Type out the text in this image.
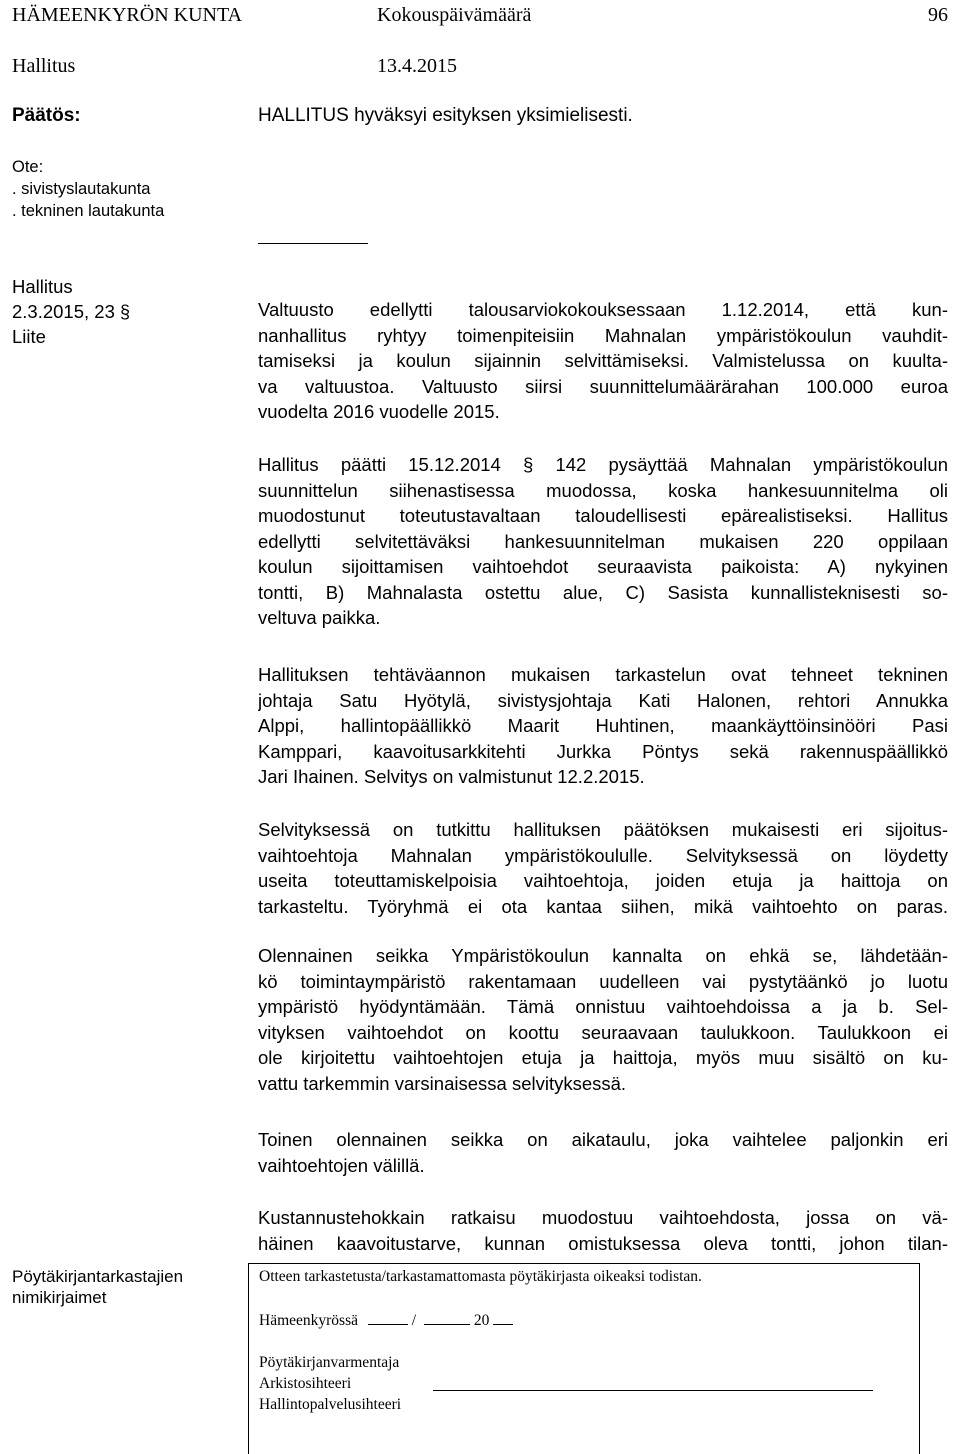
HÄMEENKYRÖN KUNTA	Kokouspäivämäärä	96
Hallitus	13.4.2015
Päätös:	HALLITUS hyväksyi esityksen yksimielisesti.
Ote:
. sivistyslautakunta
. tekninen lautakunta
Hallitus
2.3.2015, 23 §
Liite
Valtuusto edellytti talousarviokokouksessaan 1.12.2014, että kun-
nanhallitus ryhtyy toimenpiteisiin Mahnalan ympäristökoulun vauhdit-
tamiseksi ja koulun sijainnin selvittämiseksi. Valmistelussa on kuulta-
va valtuustoa. Valtuusto siirsi suunnittelumäärärahan 100.000 euroa
vuodelta 2016 vuodelle 2015.
Hallitus päätti 15.12.2014 § 142 pysäyttää Mahnalan ympäristökoulun
suunnittelun siihenastisessa muodossa, koska hankesuunnitelma oli
muodostunut toteutustavaltaan taloudellisesti epärealistiseksi. Hallitus
edellytti selvitettäväksi hankesuunnitelman mukaisen 220 oppilaan
koulun sijoittamisen vaihtoehdot seuraavista paikoista: A) nykyinen
tontti, B) Mahnalasta ostettu alue, C) Sasista kunnallisteknisesti so-
veltuva paikka.
Hallituksen tehtäväannon mukaisen tarkastelun ovat tehneet tekninen
johtaja Satu Hyötylä, sivistysjohtaja Kati Halonen, rehtori Annukka
Alppi, hallintopäällikkö Maarit Huhtinen, maankäyttöinsinööri Pasi
Kamppari, kaavoitusarkkitehti Jurkka Pöntys sekä rakennuspäällikkö
Jari Ihainen. Selvitys on valmistunut 12.2.2015.
Selvityksessä on tutkittu hallituksen päätöksen mukaisesti eri sijoitus-
vaihtoehtoja Mahnalan ympäristökoululle. Selvityksessä on löydetty
useita toteuttamiskelpoisia vaihtoehtoja, joiden etuja ja haittoja on
tarkasteltu. Työryhmä ei ota kantaa siihen, mikä vaihtoehto on paras.
Olennainen seikka Ympäristökoulun kannalta on ehkä se, lähdetään-
kö toimintaympäristö rakentamaan uudelleen vai pystytäänkö jo luotu
ympäristö hyödyntämään. Tämä onnistuu vaihtoehdoissa a ja b. Sel-
vityksen vaihtoehdot on koottu seuraavaan taulukkoon. Taulukkoon ei
ole kirjoitettu vaihtoehtojen etuja ja haittoja, myös muu sisältö on ku-
vattu tarkemmin varsinaisessa selvityksessä.
Toinen olennainen seikka on aikataulu, joka vaihtelee paljonkin eri
vaihtoehtojen välillä.
Kustannustehokkain ratkaisu muodostuu vaihtoehdosta, jossa on vä-
häinen kaavoitustarve, kunnan omistuksessa oleva tontti, johon tilan-
Pöytäkirjantarkastajien
nimikirjaimet
Otteen tarkastetusta/tarkastamattomasta pöytäkirjasta oikeaksi todistan.
Hämeenkyrössä	/	20
Pöytäkirjanvarmentaja
Arkistosihteeri
Hallintopalvelusihteeri
